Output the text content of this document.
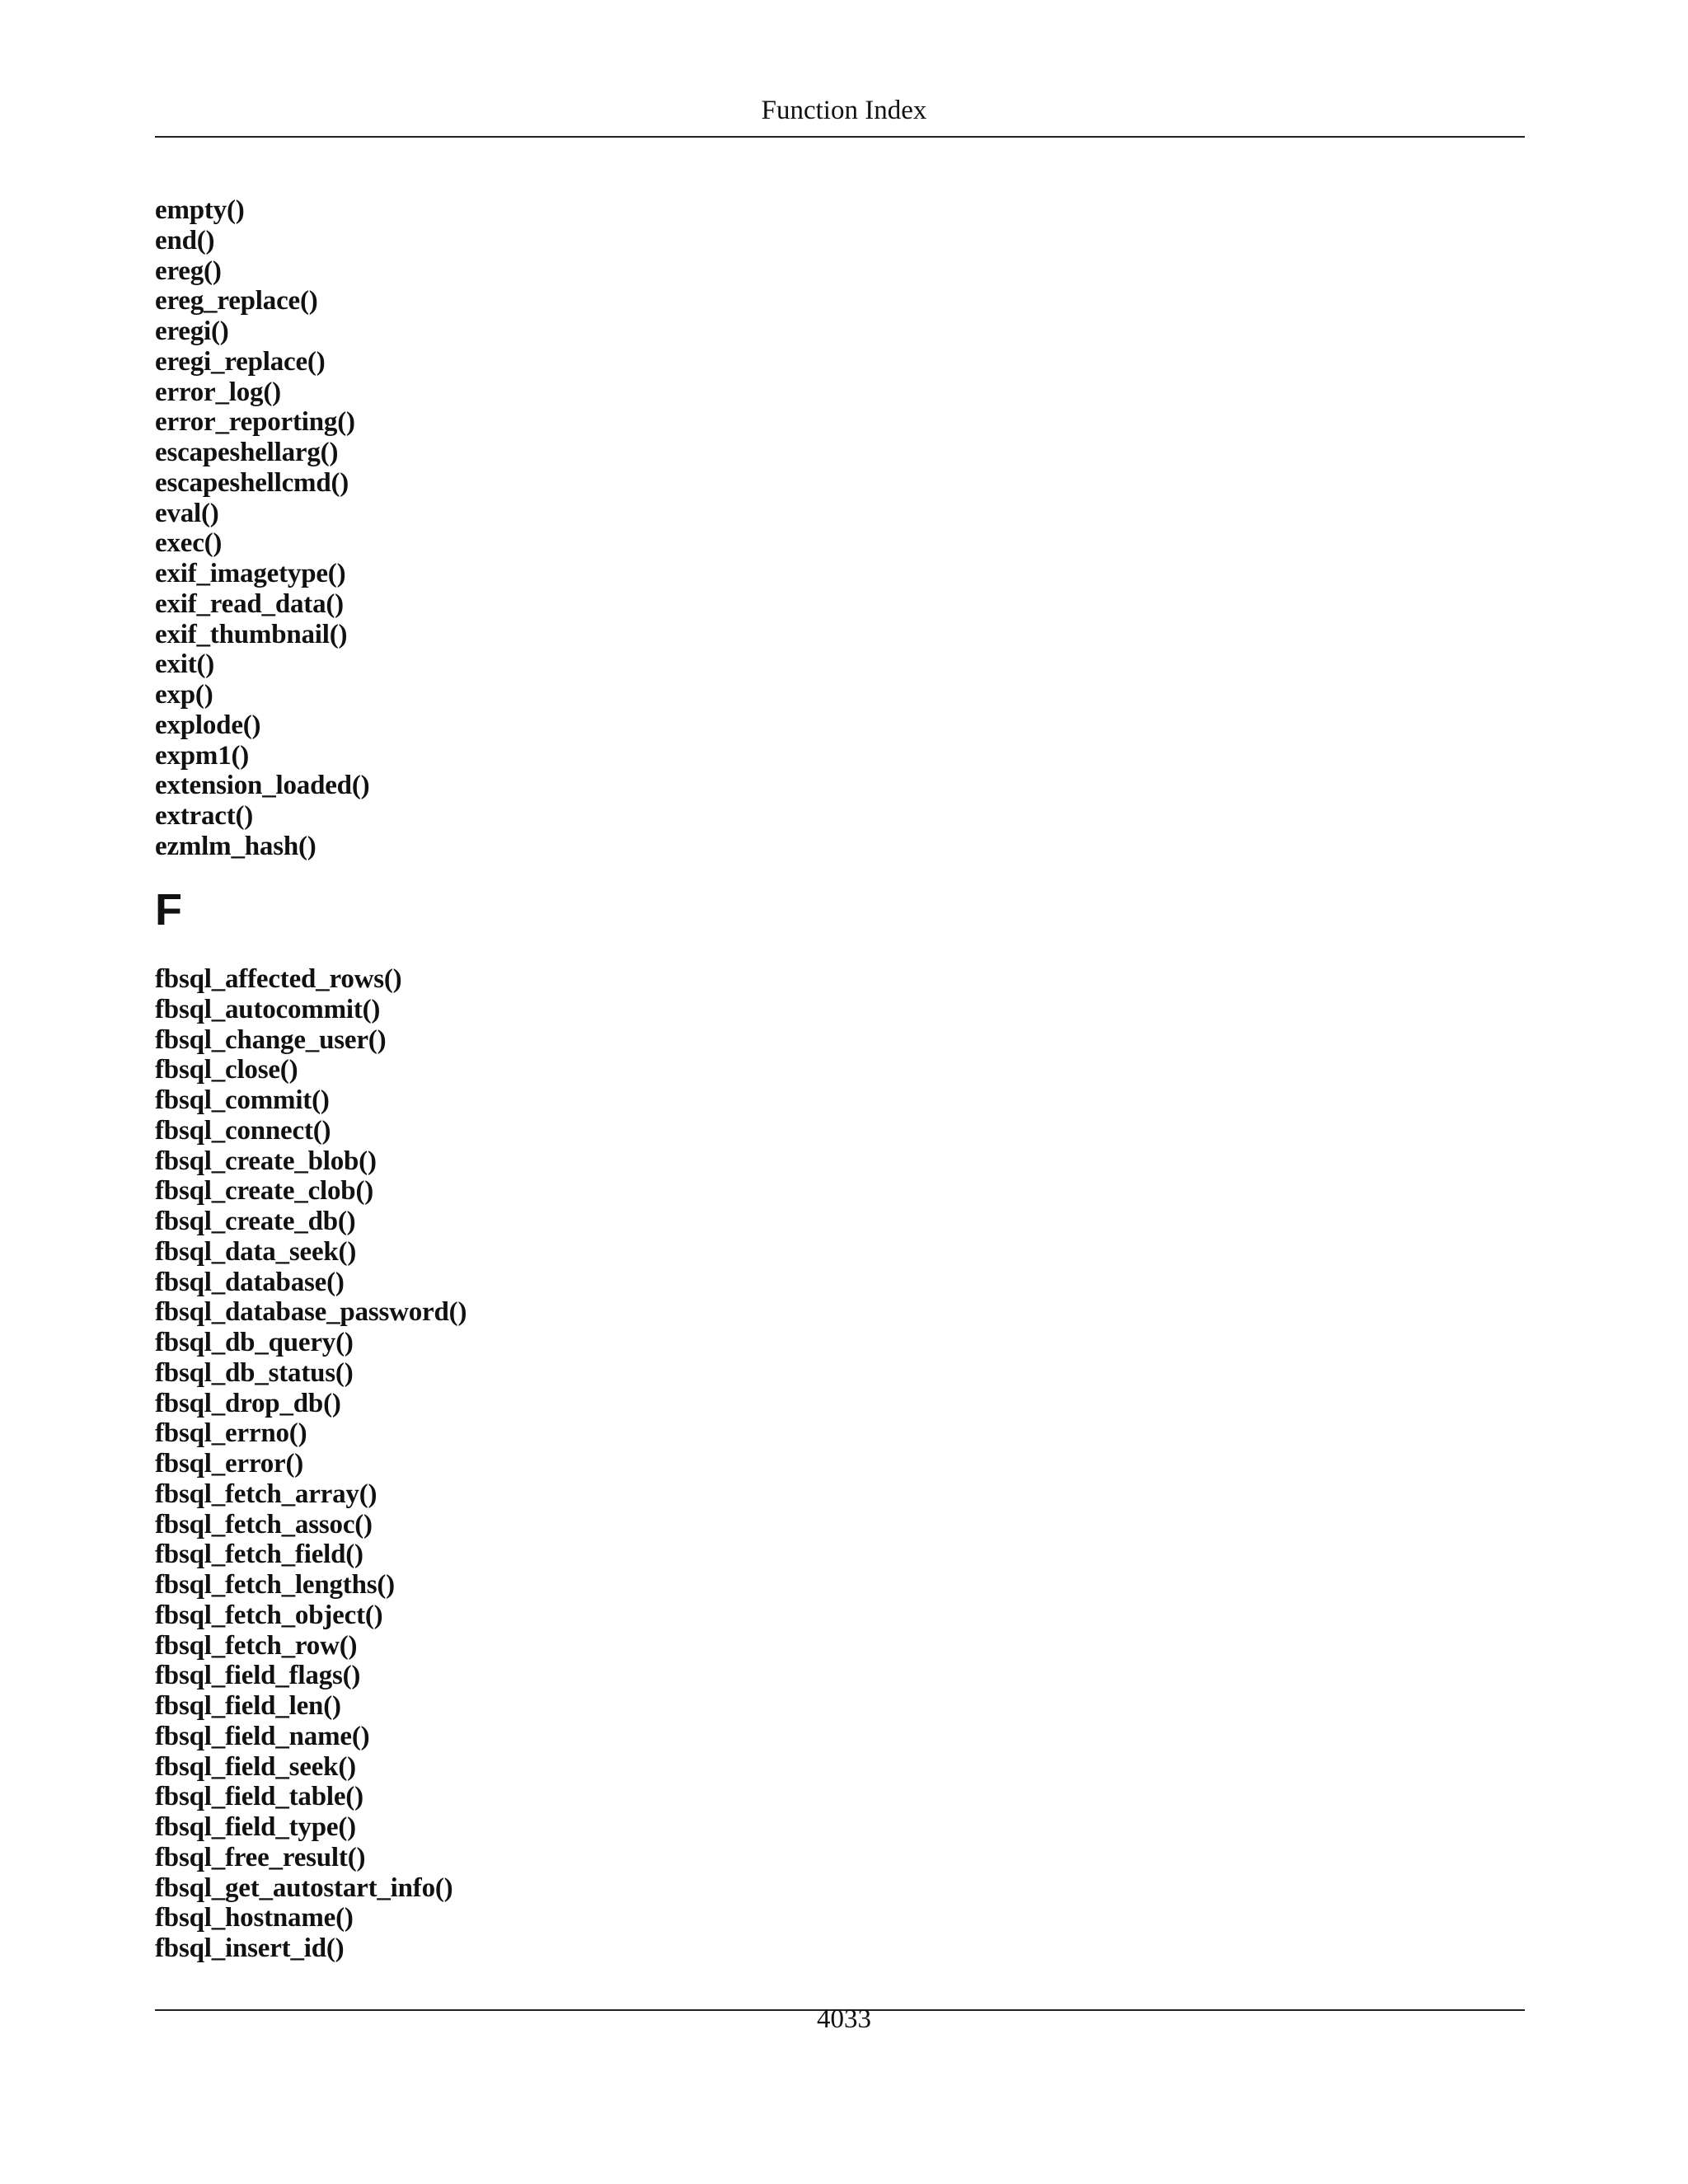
Function Index
empty()
end()
ereg()
ereg_replace()
eregi()
eregi_replace()
error_log()
error_reporting()
escapeshellarg()
escapeshellcmd()
eval()
exec()
exif_imagetype()
exif_read_data()
exif_thumbnail()
exit()
exp()
explode()
expm1()
extension_loaded()
extract()
ezmlm_hash()
F
fbsql_affected_rows()
fbsql_autocommit()
fbsql_change_user()
fbsql_close()
fbsql_commit()
fbsql_connect()
fbsql_create_blob()
fbsql_create_clob()
fbsql_create_db()
fbsql_data_seek()
fbsql_database()
fbsql_database_password()
fbsql_db_query()
fbsql_db_status()
fbsql_drop_db()
fbsql_errno()
fbsql_error()
fbsql_fetch_array()
fbsql_fetch_assoc()
fbsql_fetch_field()
fbsql_fetch_lengths()
fbsql_fetch_object()
fbsql_fetch_row()
fbsql_field_flags()
fbsql_field_len()
fbsql_field_name()
fbsql_field_seek()
fbsql_field_table()
fbsql_field_type()
fbsql_free_result()
fbsql_get_autostart_info()
fbsql_hostname()
fbsql_insert_id()
4033
